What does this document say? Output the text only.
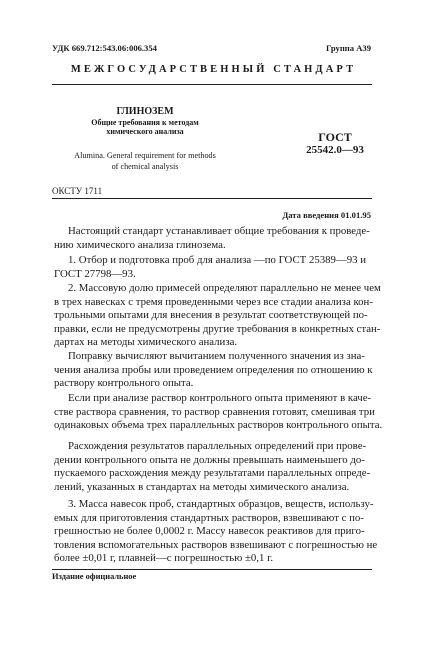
УДК 669.712:543.06:006.354	Группа А39
МЕЖГОСУДАРСТВЕННЫЙ СТАНДАРТ
ГЛИНОЗЕМ
Общие требования к методам
химического анализа	ГОСТ
25542.0—93
Alumina. General requirement for methods
of chemical analysis
ОКСТУ 1711
Дата введения 01.01.95
Настоящий стандарт устанавливает общие требования к проведе-
нию химического анализа глинозема.
1. Отбор и подготовка проб для анализа —по ГОСТ 25389—93 и
ГОСТ 27798—93.
2. Массовую долю примесей определяют параллельно не менее чем
в трех навесках с тремя проведенными через все стадии анализа кон-
трольными опытами для внесения в результат соответствующей по-
правки, если не предусмотрены другие требования в конкретных стан-
дартах на методы химического анализа.
Поправку вычисляют вычитанием полученного значения из зна-
чения анализа пробы или проведением определения по отношению к
раствору контрольного опыта.
Если при анализе раствор контрольного опыта применяют в каче-
стве раствора сравнения, то раствор сравнения готовят, смешивая три
одинаковых объема трех параллельных растворов контрольного опыта.
Расхождения результатов параллельных определений при прове-
дении контрольного опыта не должны превышать наименьшего до-
пускаемого расхождения между результатами параллельных опреде-
лений, указанных в стандартах на методы химического анализа.
3. Масса навесок проб, стандартных образцов, веществ, использу-
емых для приготовления стандартных растворов, взвешивают с по-
грешностью не более 0,0002 г. Массу навесок реактивов для приго-
товления вспомогательных растворов взвешивают с погрешностью не
более ±0,01 г, плавней—с погрешностью ±0,1 г.
Издание официальное
